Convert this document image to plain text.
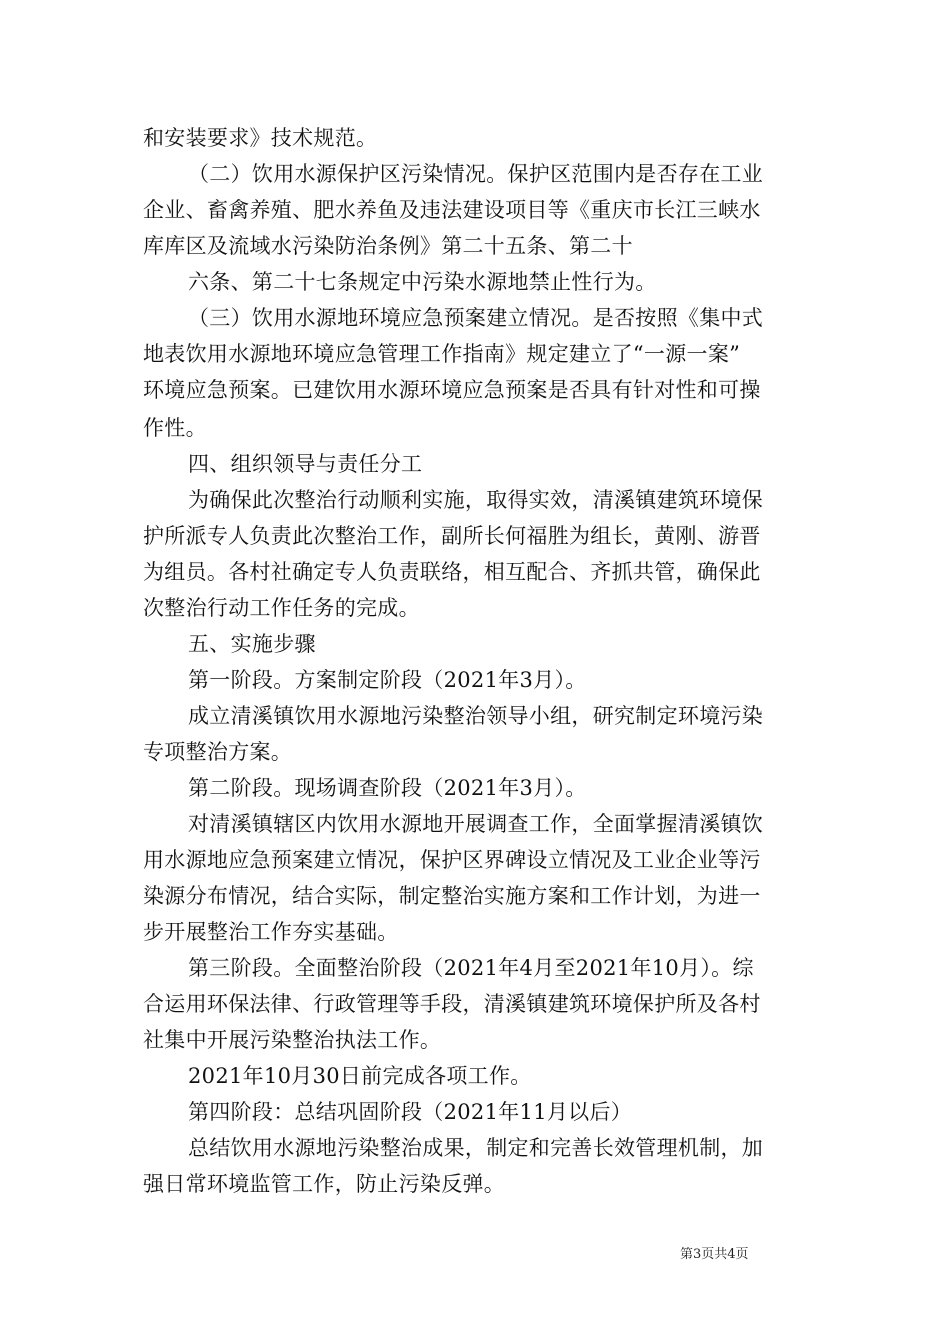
和安装要求》技术规范。
（二）饮用水源保护区污染情况。保护区范围内是否存在工业
企业、畜禽养殖、肥水养鱼及违法建设项目等《重庆市长江三峡水
库库区及流域水污染防治条例》第二十五条、第二十
六条、第二十七条规定中污染水源地禁止性行为。
（三）饮用水源地环境应急预案建立情况。是否按照《集中式
地表饮用水源地环境应急管理工作指南》规定建立了“一源一案”
环境应急预案。已建饮用水源环境应急预案是否具有针对性和可操
作性。
四、组织领导与责任分工
为确保此次整治行动顺利实施，取得实效，清溪镇建筑环境保
护所派专人负责此次整治工作，副所长何福胜为组长，黄刚、游晋
为组员。各村社确定专人负责联络，相互配合、齐抓共管，确保此
次整治行动工作任务的完成。
五、实施步骤
第一阶段。方案制定阶段（2021年3月）。
成立清溪镇饮用水源地污染整治领导小组，研究制定环境污染
专项整治方案。
第二阶段。现场调查阶段（2021年3月）。
对清溪镇辖区内饮用水源地开展调查工作，全面掌握清溪镇饮
用水源地应急预案建立情况，保护区界碑设立情况及工业企业等污
染源分布情况，结合实际，制定整治实施方案和工作计划，为进一
步开展整治工作夯实基础。
第三阶段。全面整治阶段（2021年4月至2021年10月）。综
合运用环保法律、行政管理等手段，清溪镇建筑环境保护所及各村
社集中开展污染整治执法工作。
2021年10月30日前完成各项工作。
第四阶段：总结巩固阶段（2021年11月以后）
总结饮用水源地污染整治成果，制定和完善长效管理机制，加
强日常环境监管工作，防止污染反弹。
第3页共4页
